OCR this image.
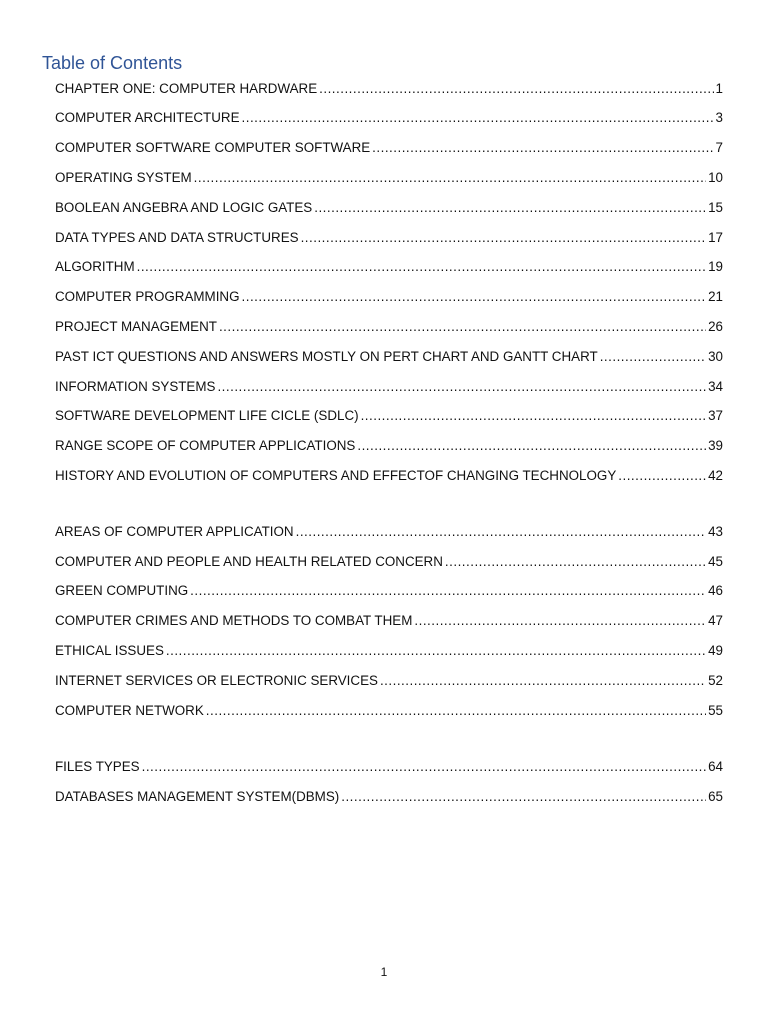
Table of Contents
CHAPTER ONE: COMPUTER HARDWARE .....	1
COMPUTER ARCHITECTURE .....	3
COMPUTER SOFTWARE COMPUTER SOFTWARE .....	7
OPERATING SYSTEM .....	10
BOOLEAN ANGEBRA AND LOGIC GATES .....	15
DATA TYPES AND DATA STRUCTURES .....	17
ALGORITHM .....	19
COMPUTER PROGRAMMING .....	21
PROJECT MANAGEMENT .....	26
PAST ICT QUESTIONS AND ANSWERS MOSTLY ON PERT CHART AND GANTT CHART .....	30
INFORMATION SYSTEMS .....	34
SOFTWARE DEVELOPMENT LIFE CICLE (SDLC) .....	37
RANGE SCOPE OF COMPUTER APPLICATIONS .....	39
HISTORY AND EVOLUTION OF COMPUTERS AND EFFECTOF CHANGING TECHNOLOGY .....	42
AREAS OF COMPUTER APPLICATION .....	43
COMPUTER AND PEOPLE AND HEALTH RELATED CONCERN .....	45
GREEN COMPUTING .....	46
COMPUTER CRIMES AND METHODS TO COMBAT THEM .....	47
ETHICAL ISSUES .....	49
INTERNET SERVICES OR ELECTRONIC SERVICES .....	52
COMPUTER NETWORK .....	55
FILES TYPES .....	64
DATABASES MANAGEMENT SYSTEM(DBMS) .....	65
1
